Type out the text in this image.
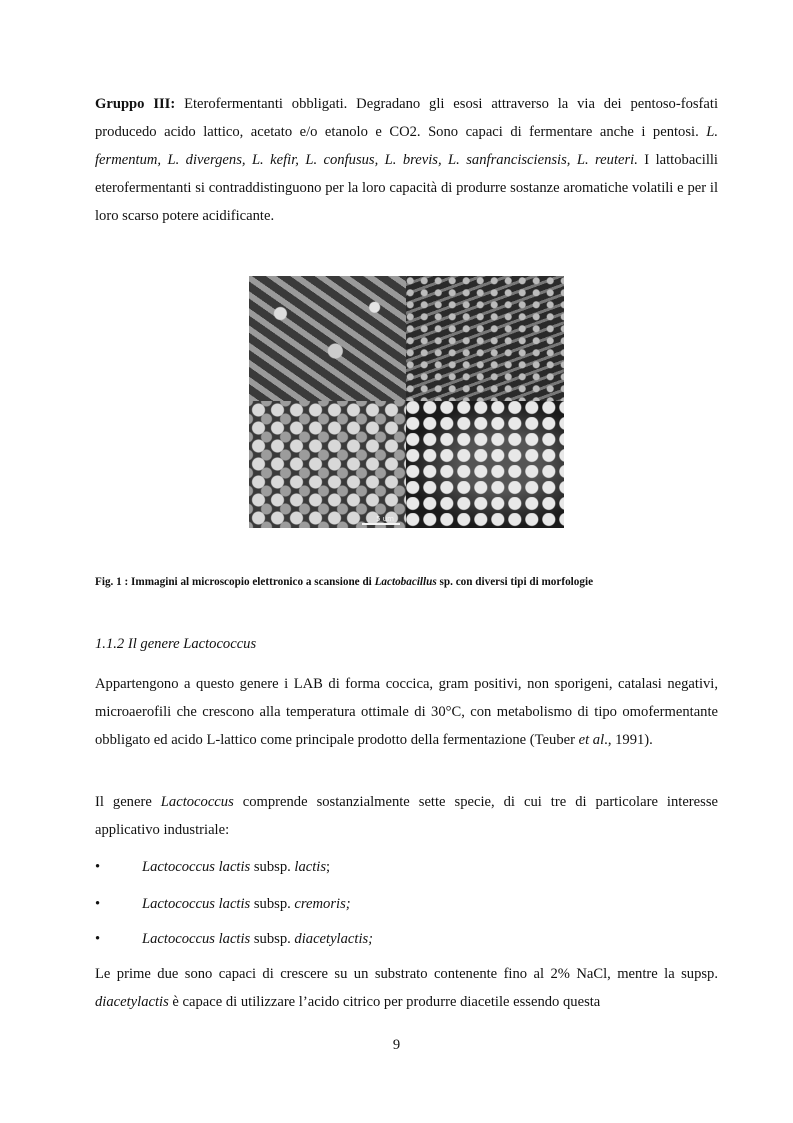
Gruppo III: Eterofermentanti obbligati. Degradano gli esosi attraverso la via dei pentoso-fosfati producedo acido lattico, acetato e/o etanolo e CO2. Sono capaci di fermentare anche i pentosi. L. fermentum, L. divergens, L. kefir, L. confusus, L. brevis, L. sanfrancisciensis, L. reuteri. I lattobacilli eterofermentanti si contraddistinguono per la loro capacità di produrre sostanze aromatiche volatili e per il loro scarso potere acidificante.

5 um

Fig. 1 : Immagini al microscopio elettronico a scansione di Lactobacillus sp. con diversi tipi di morfologie

1.1.2 Il genere Lactococcus

Appartengono a questo genere i LAB di forma coccica, gram positivi, non sporigeni, catalasi negativi, microaerofili che crescono alla temperatura ottimale di 30°C, con metabolismo di tipo omofermentante obbligato ed acido L-lattico come principale prodotto della fermentazione (Teuber et al., 1991).

Il genere Lactococcus comprende sostanzialmente sette specie, di cui tre di particolare interesse applicativo industriale:

•	Lactococcus lactis subsp. lactis;
•	Lactococcus lactis subsp. cremoris;
•	Lactococcus lactis subsp. diacetylactis;

Le prime due sono capaci di crescere su un substrato contenente fino al 2% NaCl, mentre la supsp. diacetylactis è capace di utilizzare l’acido citrico per produrre diacetile essendo questa

9
